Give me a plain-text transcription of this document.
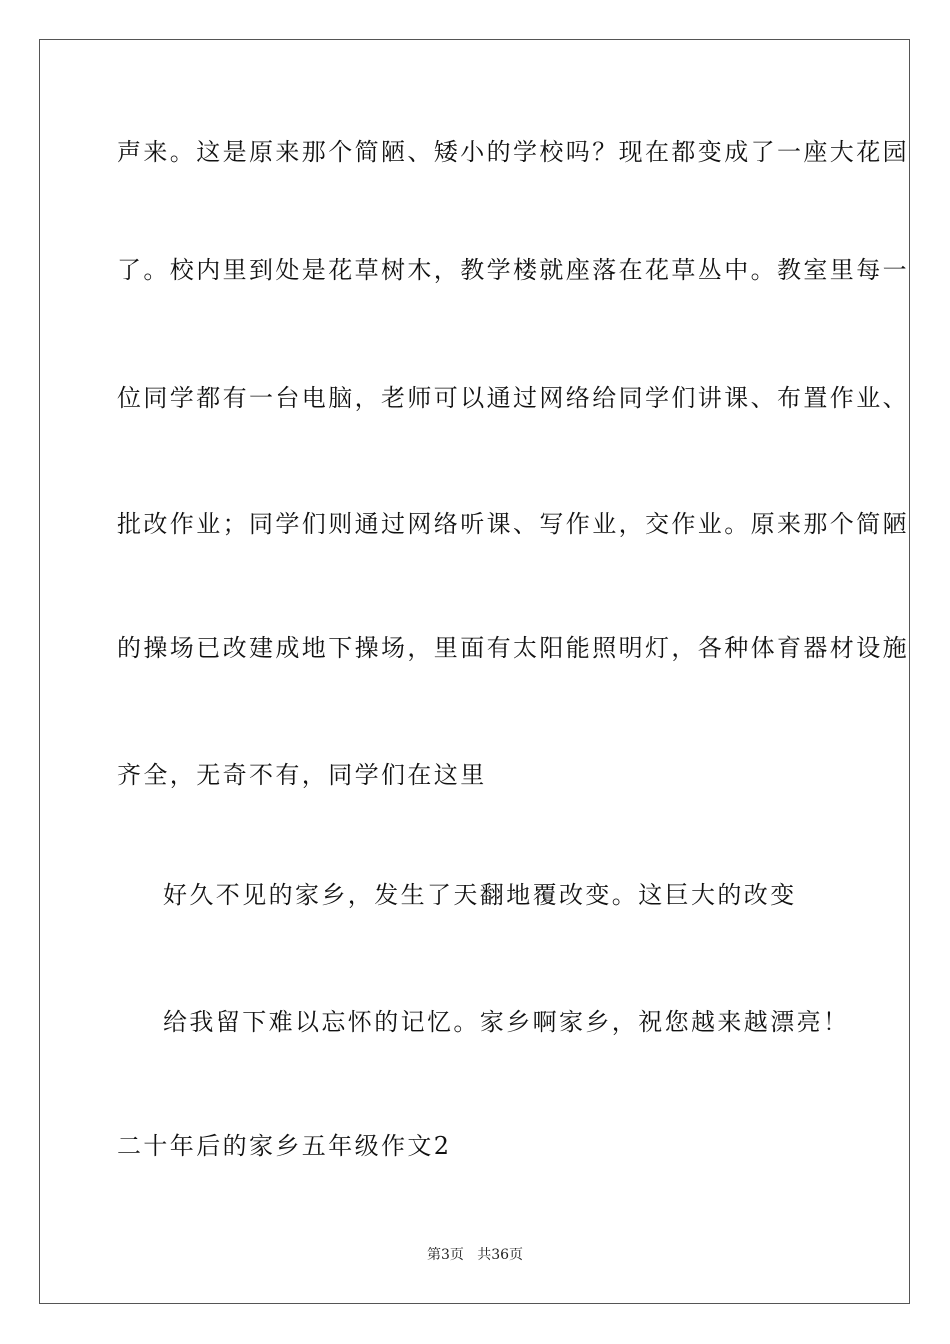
声来。这是原来那个简陋、矮小的学校吗？现在都变成了一座大花园
了。校内里到处是花草树木，教学楼就座落在花草丛中。教室里每一
位同学都有一台电脑，老师可以通过网络给同学们讲课、布置作业、
批改作业；同学们则通过网络听课、写作业，交作业。原来那个简陋
的操场已改建成地下操场，里面有太阳能照明灯，各种体育器材设施
齐全，无奇不有，同学们在这里
好久不见的家乡，发生了天翻地覆改变。这巨大的改变
给我留下难以忘怀的记忆。家乡啊家乡，祝您越来越漂亮！
二十年后的家乡五年级作文2
第3页   共36页
